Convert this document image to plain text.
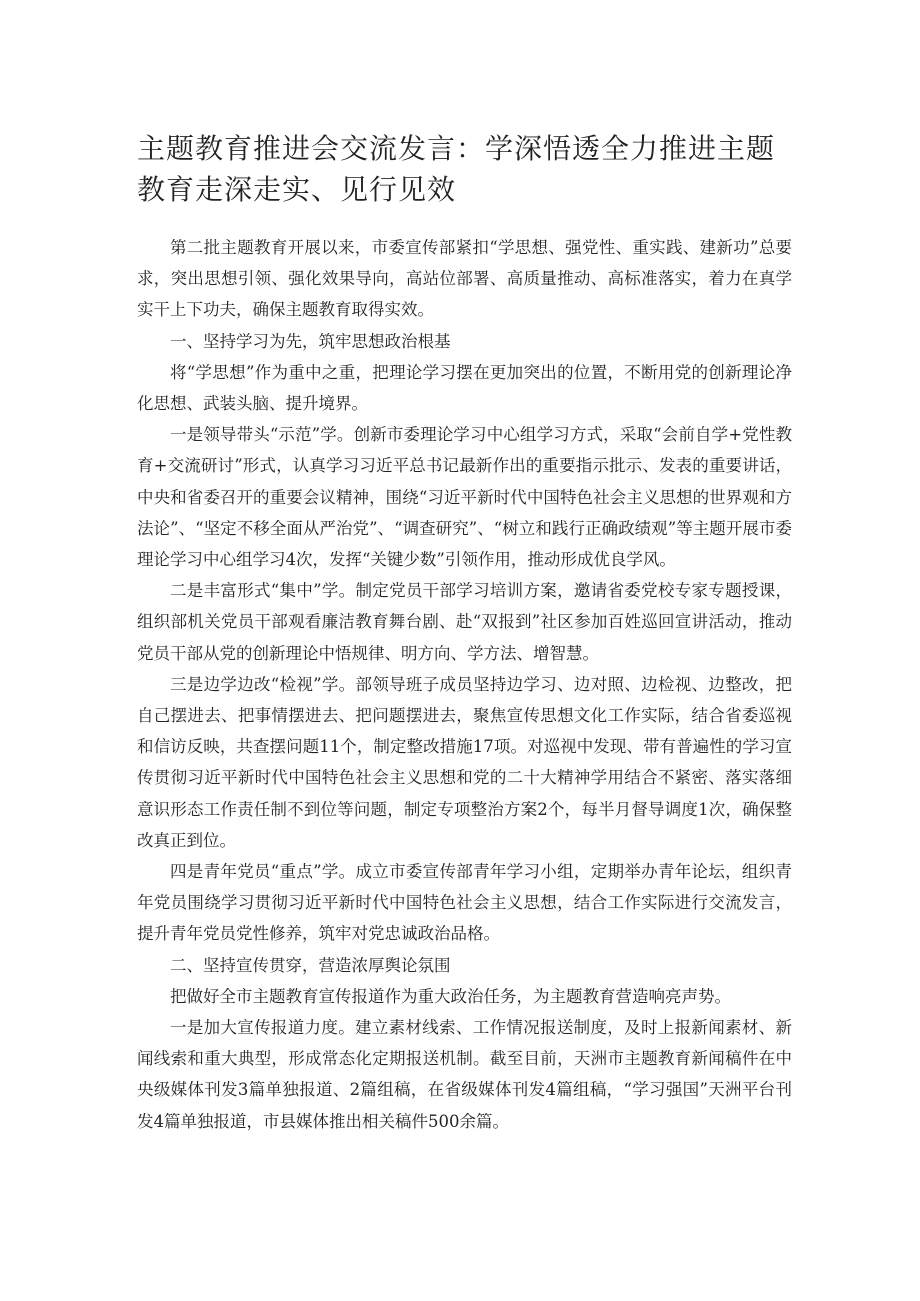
主题教育推进会交流发言：学深悟透全力推进主题教育走深走实、见行见效

第二批主题教育开展以来，市委宣传部紧扣“学思想、强党性、重实践、建新功”总要求，突出思想引领、强化效果导向，高站位部署、高质量推动、高标准落实，着力在真学实干上下功夫，确保主题教育取得实效。

一、坚持学习为先，筑牢思想政治根基

将“学思想”作为重中之重，把理论学习摆在更加突出的位置，不断用党的创新理论净化思想、武装头脑、提升境界。

一是领导带头“示范”学。创新市委理论学习中心组学习方式，采取“会前自学+党性教育+交流研讨”形式，认真学习习近平总书记最新作出的重要指示批示、发表的重要讲话，中央和省委召开的重要会议精神，围绕“习近平新时代中国特色社会主义思想的世界观和方法论”、“坚定不移全面从严治党”、“调查研究”、“树立和践行正确政绩观”等主题开展市委理论学习中心组学习4次，发挥“关键少数”引领作用，推动形成优良学风。

二是丰富形式“集中”学。制定党员干部学习培训方案，邀请省委党校专家专题授课，组织部机关党员干部观看廉洁教育舞台剧、赴“双报到”社区参加百姓巡回宣讲活动，推动党员干部从党的创新理论中悟规律、明方向、学方法、增智慧。

三是边学边改“检视”学。部领导班子成员坚持边学习、边对照、边检视、边整改，把自己摆进去、把事情摆进去、把问题摆进去，聚焦宣传思想文化工作实际，结合省委巡视和信访反映，共查摆问题11个，制定整改措施17项。对巡视中发现、带有普遍性的学习宣传贯彻习近平新时代中国特色社会主义思想和党的二十大精神学用结合不紧密、落实落细意识形态工作责任制不到位等问题，制定专项整治方案2个，每半月督导调度1次，确保整改真正到位。

四是青年党员“重点”学。成立市委宣传部青年学习小组，定期举办青年论坛，组织青年党员围绕学习贯彻习近平新时代中国特色社会主义思想，结合工作实际进行交流发言，提升青年党员党性修养，筑牢对党忠诚政治品格。

二、坚持宣传贯穿，营造浓厚舆论氛围

把做好全市主题教育宣传报道作为重大政治任务，为主题教育营造响亮声势。

一是加大宣传报道力度。建立素材线索、工作情况报送制度，及时上报新闻素材、新闻线索和重大典型，形成常态化定期报送机制。截至目前，天洲市主题教育新闻稿件在中央级媒体刊发3篇单独报道、2篇组稿，在省级媒体刊发4篇组稿，“学习强国”天洲平台刊发4篇单独报道，市县媒体推出相关稿件500余篇。
